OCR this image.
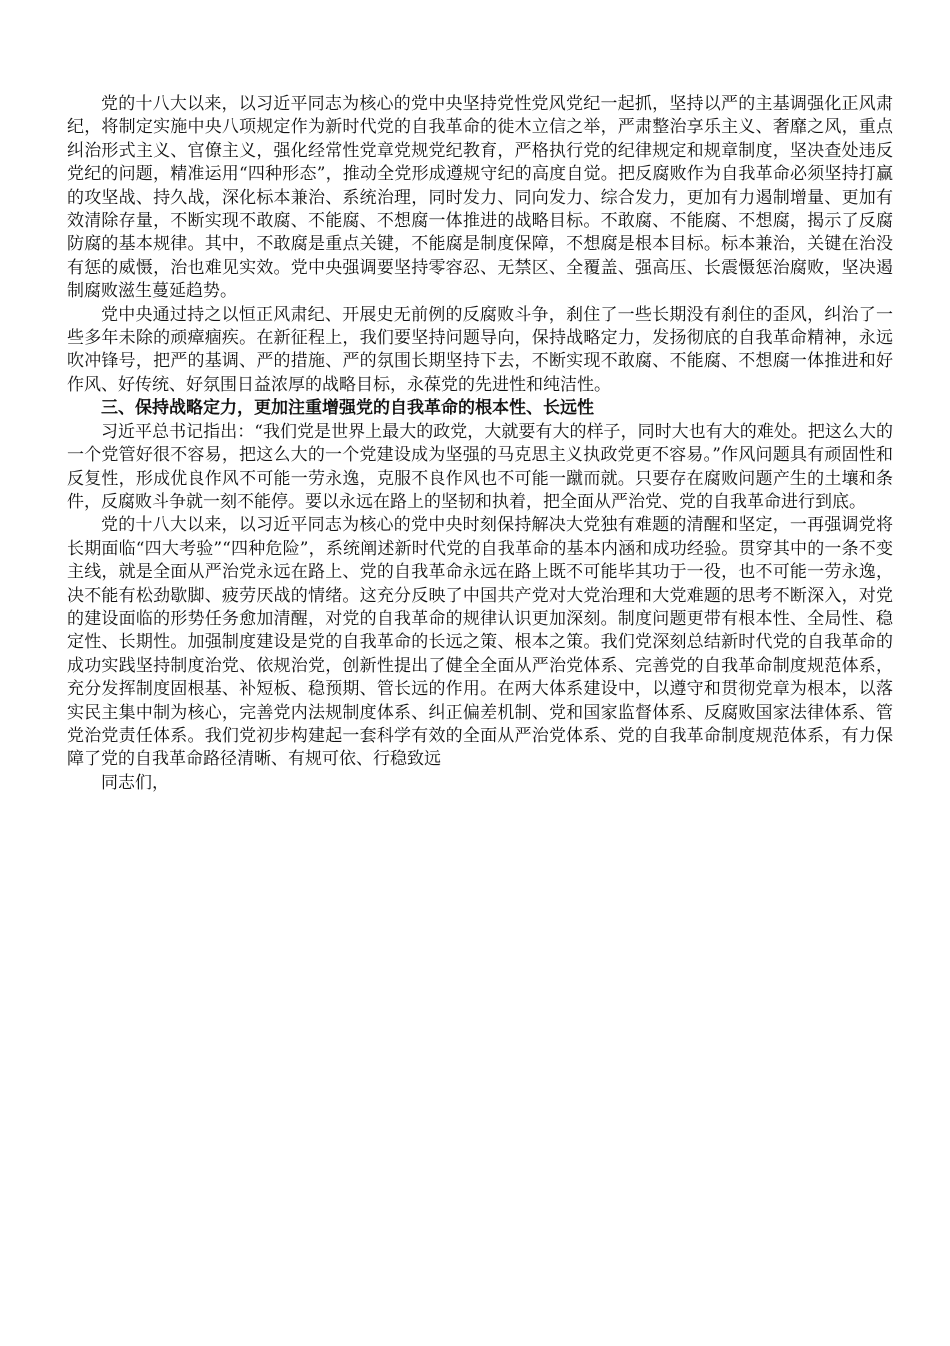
党的十八大以来，以习近平同志为核心的党中央坚持党性党风党纪一起抓，坚持以严的主基调强化正风肃纪，将制定实施中央八项规定作为新时代党的自我革命的徙木立信之举，严肃整治享乐主义、奢靡之风，重点纠治形式主义、官僚主义，强化经常性党章党规党纪教育，严格执行党的纪律规定和规章制度，坚决查处违反党纪的问题，精准运用“四种形态”，推动全党形成遵规守纪的高度自觉。把反腐败作为自我革命必须坚持打赢的攻坚战、持久战，深化标本兼治、系统治理，同时发力、同向发力、综合发力，更加有力遏制增量、更加有效清除存量，不断实现不敢腐、不能腐、不想腐一体推进的战略目标。不敢腐、不能腐、不想腐，揭示了反腐防腐的基本规律。其中，不敢腐是重点关键，不能腐是制度保障，不想腐是根本目标。标本兼治，关键在治没有惩的威慑，治也难见实效。党中央强调要坚持零容忍、无禁区、全覆盖、强高压、长震慑惩治腐败，坚决遏制腐败滋生蔓延趋势。

党中央通过持之以恒正风肃纪、开展史无前例的反腐败斗争，刹住了一些长期没有刹住的歪风，纠治了一些多年未除的顽瘴痼疾。在新征程上，我们要坚持问题导向，保持战略定力，发扬彻底的自我革命精神，永远吹冲锋号，把严的基调、严的措施、严的氛围长期坚持下去，不断实现不敢腐、不能腐、不想腐一体推进和好作风、好传统、好氛围日益浓厚的战略目标，永葆党的先进性和纯洁性。

三、保持战略定力，更加注重增强党的自我革命的根本性、长远性

习近平总书记指出：“我们党是世界上最大的政党，大就要有大的样子，同时大也有大的难处。把这么大的一个党管好很不容易，把这么大的一个党建设成为坚强的马克思主义执政党更不容易。”作风问题具有顽固性和反复性，形成优良作风不可能一劳永逸，克服不良作风也不可能一蹴而就。只要存在腐败问题产生的土壤和条件，反腐败斗争就一刻不能停。要以永远在路上的坚韧和执着，把全面从严治党、党的自我革命进行到底。

党的十八大以来，以习近平同志为核心的党中央时刻保持解决大党独有难题的清醒和坚定，一再强调党将长期面临“四大考验”“四种危险”，系统阐述新时代党的自我革命的基本内涵和成功经验。贯穿其中的一条不变主线，就是全面从严治党永远在路上、党的自我革命永远在路上既不可能毕其功于一役，也不可能一劳永逸，决不能有松劲歇脚、疲劳厌战的情绪。这充分反映了中国共产党对大党治理和大党难题的思考不断深入，对党的建设面临的形势任务愈加清醒，对党的自我革命的规律认识更加深刻。制度问题更带有根本性、全局性、稳定性、长期性。加强制度建设是党的自我革命的长远之策、根本之策。我们党深刻总结新时代党的自我革命的成功实践坚持制度治党、依规治党，创新性提出了健全全面从严治党体系、完善党的自我革命制度规范体系，充分发挥制度固根基、补短板、稳预期、管长远的作用。在两大体系建设中，以遵守和贯彻党章为根本，以落实民主集中制为核心，完善党内法规制度体系、纠正偏差机制、党和国家监督体系、反腐败国家法律体系、管党治党责任体系。我们党初步构建起一套科学有效的全面从严治党体系、党的自我革命制度规范体系，有力保障了党的自我革命路径清晰、有规可依、行稳致远

同志们，
